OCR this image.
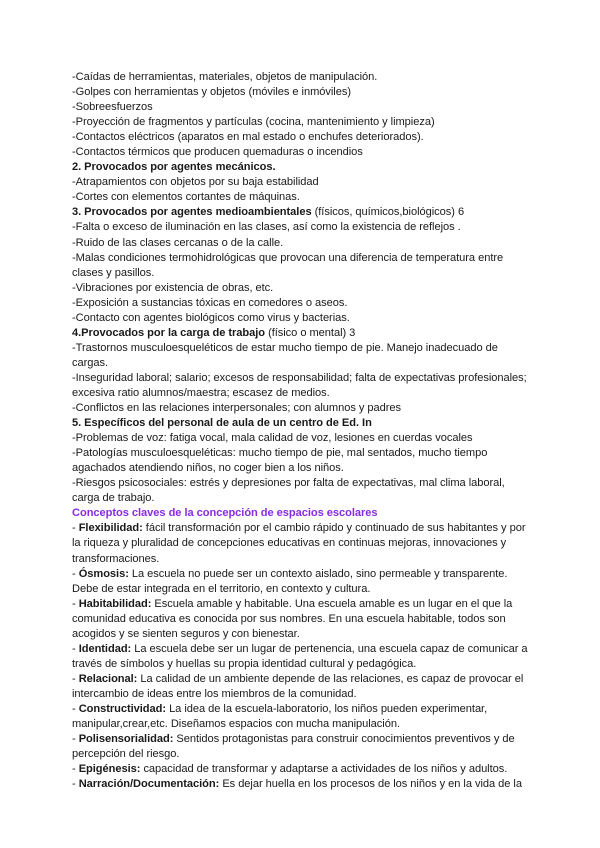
-Caídas de herramientas, materiales, objetos de manipulación.
-Golpes con herramientas y objetos (móviles e inmóviles)
-Sobreesfuerzos
-Proyección de fragmentos y partículas (cocina, mantenimiento y limpieza)
-Contactos eléctricos (aparatos en mal estado o enchufes deteriorados).
-Contactos térmicos que producen quemaduras o incendios
2. Provocados por agentes mecánicos.
-Atrapamientos con objetos por su baja estabilidad
-Cortes con elementos cortantes de máquinas.
3. Provocados por agentes medioambientales (físicos, químicos,biológicos) 6
-Falta o exceso de iluminación en las clases, así como la existencia de reflejos .
-Ruido de las clases cercanas o de la calle.
-Malas condiciones termohidrológicas que provocan una diferencia de temperatura entre clases y pasillos.
-Vibraciones por existencia de obras, etc.
-Exposición a sustancias tóxicas en comedores o aseos.
-Contacto con agentes biológicos como virus y bacterias.
4.Provocados por la carga de trabajo (físico o mental) 3
-Trastornos musculoesqueléticos de estar mucho tiempo de pie. Manejo inadecuado de cargas.
-Inseguridad laboral; salario; excesos de responsabilidad; falta de expectativas profesionales; excesiva ratio alumnos/maestra; escasez de medios.
-Conflictos en las relaciones interpersonales; con alumnos y padres
5. Específicos del personal de aula de un centro de Ed. In
-Problemas de voz: fatiga vocal, mala calidad de voz, lesiones en cuerdas vocales
-Patologías musculoesqueléticas: mucho tiempo de pie, mal sentados, mucho tiempo agachados atendiendo niños, no coger bien a los niños.
-Riesgos psicosociales: estrés y depresiones por falta de expectativas, mal clima laboral, carga de trabajo.
Conceptos claves de la concepción de espacios escolares
- Flexibilidad: fácil transformación por el cambio rápido y continuado de sus habitantes y por la riqueza y pluralidad de concepciones educativas en continuas mejoras, innovaciones y transformaciones.
- Ósmosis: La escuela no puede ser un contexto aislado, sino permeable y transparente. Debe de estar integrada en el territorio, en contexto y cultura.
- Habitabilidad: Escuela amable y habitable. Una escuela amable es un lugar en el que la comunidad educativa es conocida por sus nombres. En una escuela habitable, todos son acogidos y se sienten seguros y con bienestar.
- Identidad: La escuela debe ser un lugar de pertenencia, una escuela capaz de comunicar a través de símbolos y huellas su propia identidad cultural y pedagógica.
- Relacional: La calidad de un ambiente depende de las relaciones, es capaz de provocar el intercambio de ideas entre los miembros de la comunidad.
- Constructividad: La idea de la escuela-laboratorio, los niños pueden experimentar, manipular,crear,etc. Diseñamos espacios con mucha manipulación.
- Polisensorialidad: Sentidos protagonistas para construir conocimientos preventivos y de percepción del riesgo.
- Epigénesis: capacidad de transformar y adaptarse a actividades de los niños y adultos.
- Narración/Documentación: Es dejar huella en los procesos de los niños y en la vida de la
